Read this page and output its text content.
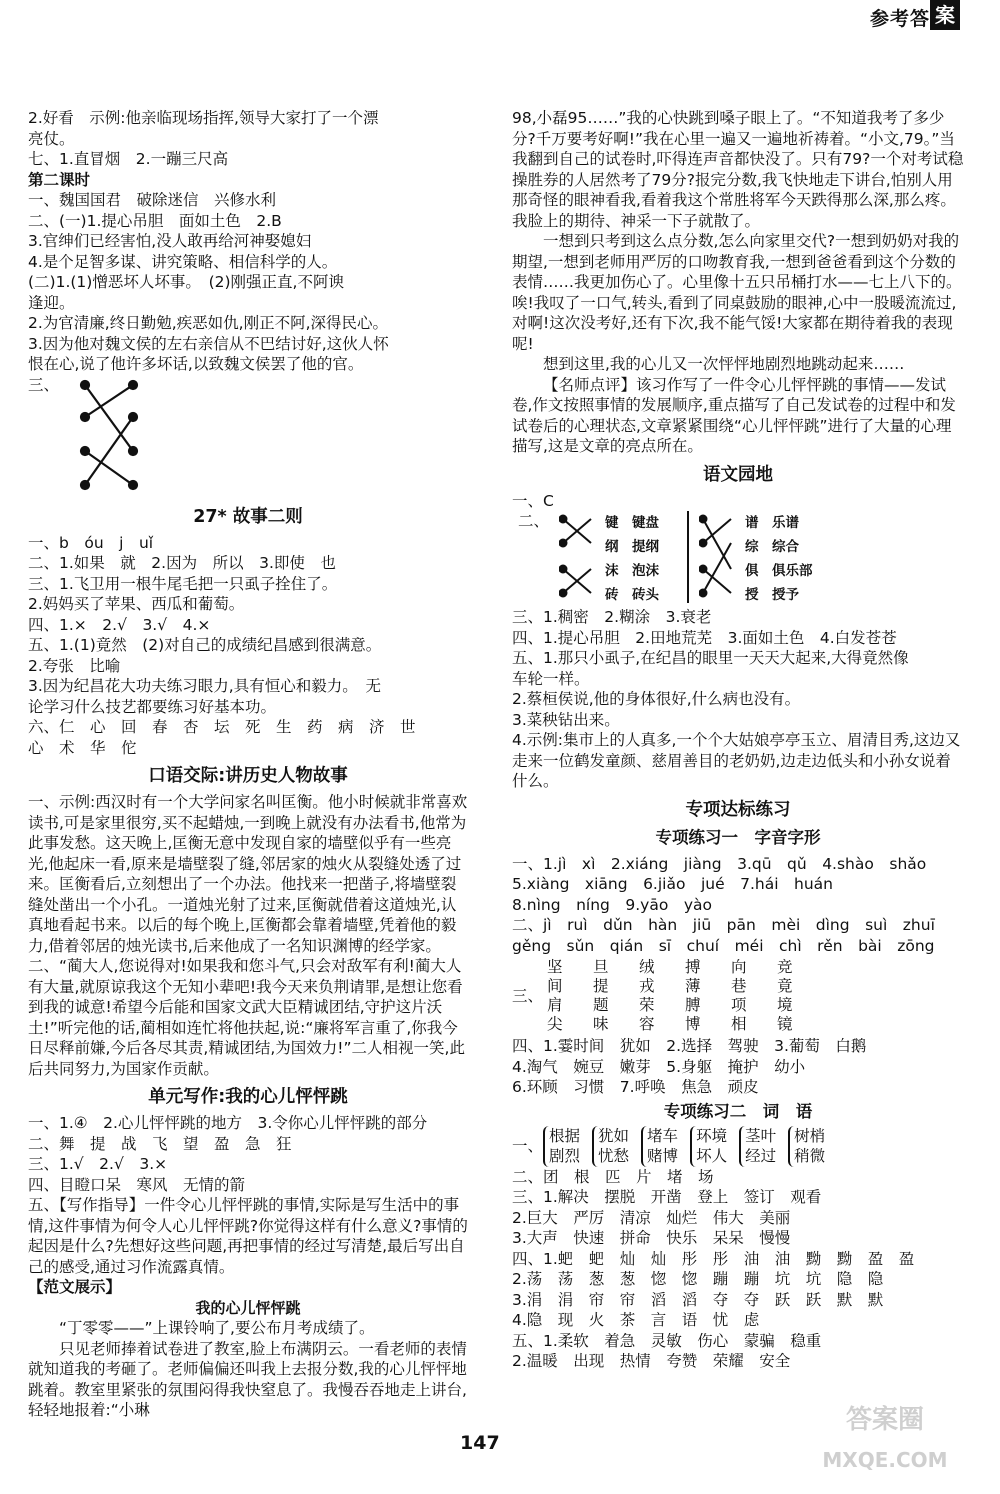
参考答 案
2.好看　示例:他亲临现场指挥,领导大家打了一个漂
亮仗。
七、1.直冒烟　2.一蹦三尺高
第二课时
一、魏国国君　破除迷信　兴修水利
二、(一)1.提心吊胆　面如土色　2.B
3.官绅们已经害怕,没人敢再给河神娶媳妇
4.是个足智多谋、讲究策略、相信科学的人。
(二)1.(1)憎恶坏人坏事。　(2)刚强正直,不阿谀
逢迎。
2.为官清廉,终日勤勉,疾恶如仇,刚正不阿,深得民心。
3.因为他对魏文侯的左右亲信从不巴结讨好,这伙人怀
恨在心,说了他许多坏话,以致魏文侯罢了他的官。
三、
27* 故事二则
一、b　óu　j　uǐ
二、1.如果　就　2.因为　所以　3.即使　也
三、1.飞卫用一根牛尾毛把一只虱子拴住了。
2.妈妈买了苹果、西瓜和葡萄。
四、1.×　2.√　3.√　4.×
五、1.(1)竟然　(2)对自己的成绩纪昌感到很满意。
2.夸张　比喻
3.因为纪昌花大功夫练习眼力,具有恒心和毅力。　无
论学习什么技艺都要练习好基本功。
六、仁　心　回　春　杏　坛　死　生　药　病　济　世
心　术　华　佗
口语交际:讲历史人物故事
一、示例:西汉时有一个大学问家名叫匡衡。他小时候就非常喜欢读书,可是家里很穷,买不起蜡烛,一到晚上就没有办法看书,他常为此事发愁。这天晚上,匡衡无意中发现自家的墙壁似乎有一些亮光,他起床一看,原来是墙壁裂了缝,邻居家的烛火从裂缝处透了过来。匡衡看后,立刻想出了一个办法。他找来一把凿子,将墙壁裂缝处凿出一个小孔。一道烛光射了过来,匡衡就借着这道烛光,认真地看起书来。以后的每个晚上,匡衡都会靠着墙壁,凭着他的毅力,借着邻居的烛光读书,后来他成了一名知识渊博的经学家。
二、“蔺大人,您说得对!如果我和您斗气,只会对敌军有利!蔺大人有大量,就原谅我这个无知小辈吧!我今天来负荆请罪,是想让您看到我的诚意!希望今后能和国家文武大臣精诚团结,守护这片沃土!”听完他的话,蔺相如连忙将他扶起,说:“廉将军言重了,你我今日尽释前嫌,今后各尽其责,精诚团结,为国效力!”二人相视一笑,此后共同努力,为国家作贡献。
单元写作:我的心儿怦怦跳
一、1.④　2.心儿怦怦跳的地方　3.令你心儿怦怦跳的部分
二、舞　提　战　飞　望　盈　急　狂
三、1.√　2.√　3.×
四、目瞪口呆　寒风　无情的箭
五、【写作指导】一件令心儿怦怦跳的事情,实际是写生活中的事情,这件事情为何令人心儿怦怦跳?你觉得这样有什么意义?事情的起因是什么?先想好这些问题,再把事情的经过写清楚,最后写出自己的感受,通过习作流露真情。
【范文展示】
我的心儿怦怦跳
“丁零零——”上课铃响了,要公布月考成绩了。
只见老师捧着试卷进了教室,脸上布满阴云。一看老师的表情就知道我的考砸了。老师偏偏还叫我上去报分数,我的心儿怦怦地跳着。教室里紧张的氛围闷得我快窒息了。我慢吞吞地走上讲台,轻轻地报着:“小琳
98,小磊95……”我的心快跳到嗓子眼上了。“不知道我考了多少分?千万要考好啊!”我在心里一遍又一遍地祈祷着。“小文,79。”当我翻到自己的试卷时,吓得连声音都快没了。只有79?一个对考试稳操胜券的人居然考了79分?报完分数,我飞快地走下讲台,怕别人用那奇怪的眼神看我,看着我这个常胜将军今天跌得那么深,那么疼。我脸上的期待、神采一下子就散了。
一想到只考到这么点分数,怎么向家里交代?一想到奶奶对我的期望,一想到老师用严厉的口吻教育我,一想到爸爸看到这个分数的表情……我更加伤心了。心里像十五只吊桶打水——七上八下的。唉!我叹了一口气,转头,看到了同桌鼓励的眼神,心中一股暖流流过,对啊!这次没考好,还有下次,我不能气馁!大家都在期待着我的表现呢!
想到这里,我的心儿又一次怦怦地剧烈地跳动起来……
【名师点评】该习作写了一件令心儿怦怦跳的事情——发试卷,作文按照事情的发展顺序,重点描写了自己发试卷的过程中和发试卷后的心理状态,文章紧紧围绕“心儿怦怦跳”进行了大量的心理描写,这是文章的亮点所在。
语文园地
一、C
二、	键　键盘
纲　提纲
沫　泡沫
砖　砖头
谱　乐谱
综　综合
俱　俱乐部
授　授予
三、1.稠密　2.糊涂　3.衰老
四、1.提心吊胆　2.田地荒芜　3.面如土色　4.白发苍苍
五、1.那只小虱子,在纪昌的眼里一天天大起来,大得竟然像
车轮一样。
2.蔡桓侯说,他的身体很好,什么病也没有。
3.菜秧钻出来。
4.示例:集市上的人真多,一个个大姑娘亭亭玉立、眉清目秀,这边又走来一位鹤发童颜、慈眉善目的老奶奶,边走边低头和小孙女说着什么。
专项达标练习
专项练习一　字音字形
一、1.jì　xì　2.xiáng　jiàng　3.qū　qǔ　4.shào　shǎo
5.xiàng　xiāng　6.jiǎo　jué　7.hái　huán
8.nìng　níng　9.yāo　yào
二、jì　ruì　dǔn　hàn　jiū　pān　mèi　dìng　suì　zhuī
gěng　sǔn　qián　sī　chuí　méi　chì　rěn　bài　zōng
三、
坚	旦	绒	搏	向	竞
间	提	戎	薄	巷	竟
肩	题	荣	膊	项	境
尖	味	容	博	相	镜
四、1.霎时间　犹如　2.选择　驾驶　3.葡萄　白鹅
4.淘气　婉豆　嫩芽　5.身躯　掩护　幼小
6.环顾　习惯　7.呼唤　焦急　顽皮
专项练习二　词　语
一、
根据
剧烈
犹如
忧愁
堵车
赌博
环境
坏人
茎叶
经过
树梢
稍微
二、团　根　匹　片　堵　场
三、1.解决　摆脱　开凿　登上　签订　观看
2.巨大　严厉　清凉　灿烂　伟大　美丽
3.大声　快速　拼命　快乐　呆呆　慢慢
四、1.蚆　蚆　灿　灿　彤　彤　油　油　黝　黝　盈　盈
2.荡　荡　葱　葱　惚　惚　蹦　蹦　坑　坑　隐　隐
3.涓　涓　帘　帘　滔　滔　夺　夺　跃　跃　默　默
4.隐　现　火　茶　言　语　忧　虑
五、1.柔软　着急　灵敏　伤心　蒙骗　稳重
2.温暖　出现　热情　夸赞　荣耀　安全
147
答案圈
MXQE.COM
